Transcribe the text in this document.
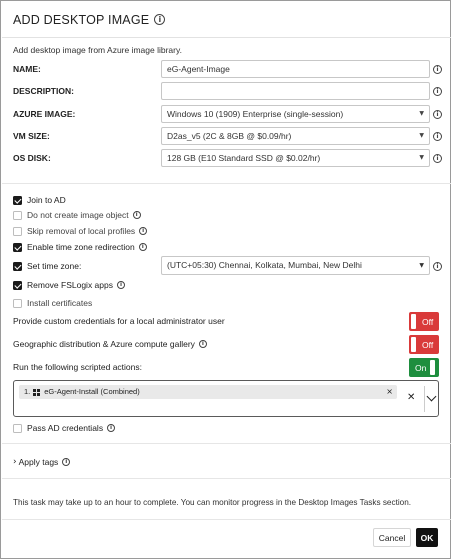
ADD DESKTOP IMAGE	i
Add desktop image from Azure image library.
NAME:	eG-Agent-Image	i
DESCRIPTION:	i
AZURE IMAGE:	Windows 10 (1909) Enterprise (single-session)	▼	i
VM SIZE:	D2as_v5 (2C & 8GB @ $0.09/hr)	▼	i
OS DISK:	128 GB (E10 Standard SSD @ $0.02/hr)	▼	i
Join to AD
Do not create image object	i
Skip removal of local profiles	i
Enable time zone redirection	i
Set time zone:	(UTC+05:30) Chennai, Kolkata, Mumbai, New Delhi	▼	i
Remove FSLogix apps	i
Install certificates
Provide custom credentials for a local administrator user	Off
Geographic distribution & Azure compute gallery	i	Off
Run the following scripted actions:	On
1. eG-Agent-Install (Combined)	×
✕
Pass AD credentials	i
› Apply tags	i
This task may take up to an hour to complete. You can monitor progress in the Desktop Images Tasks section.
Cancel	OK
